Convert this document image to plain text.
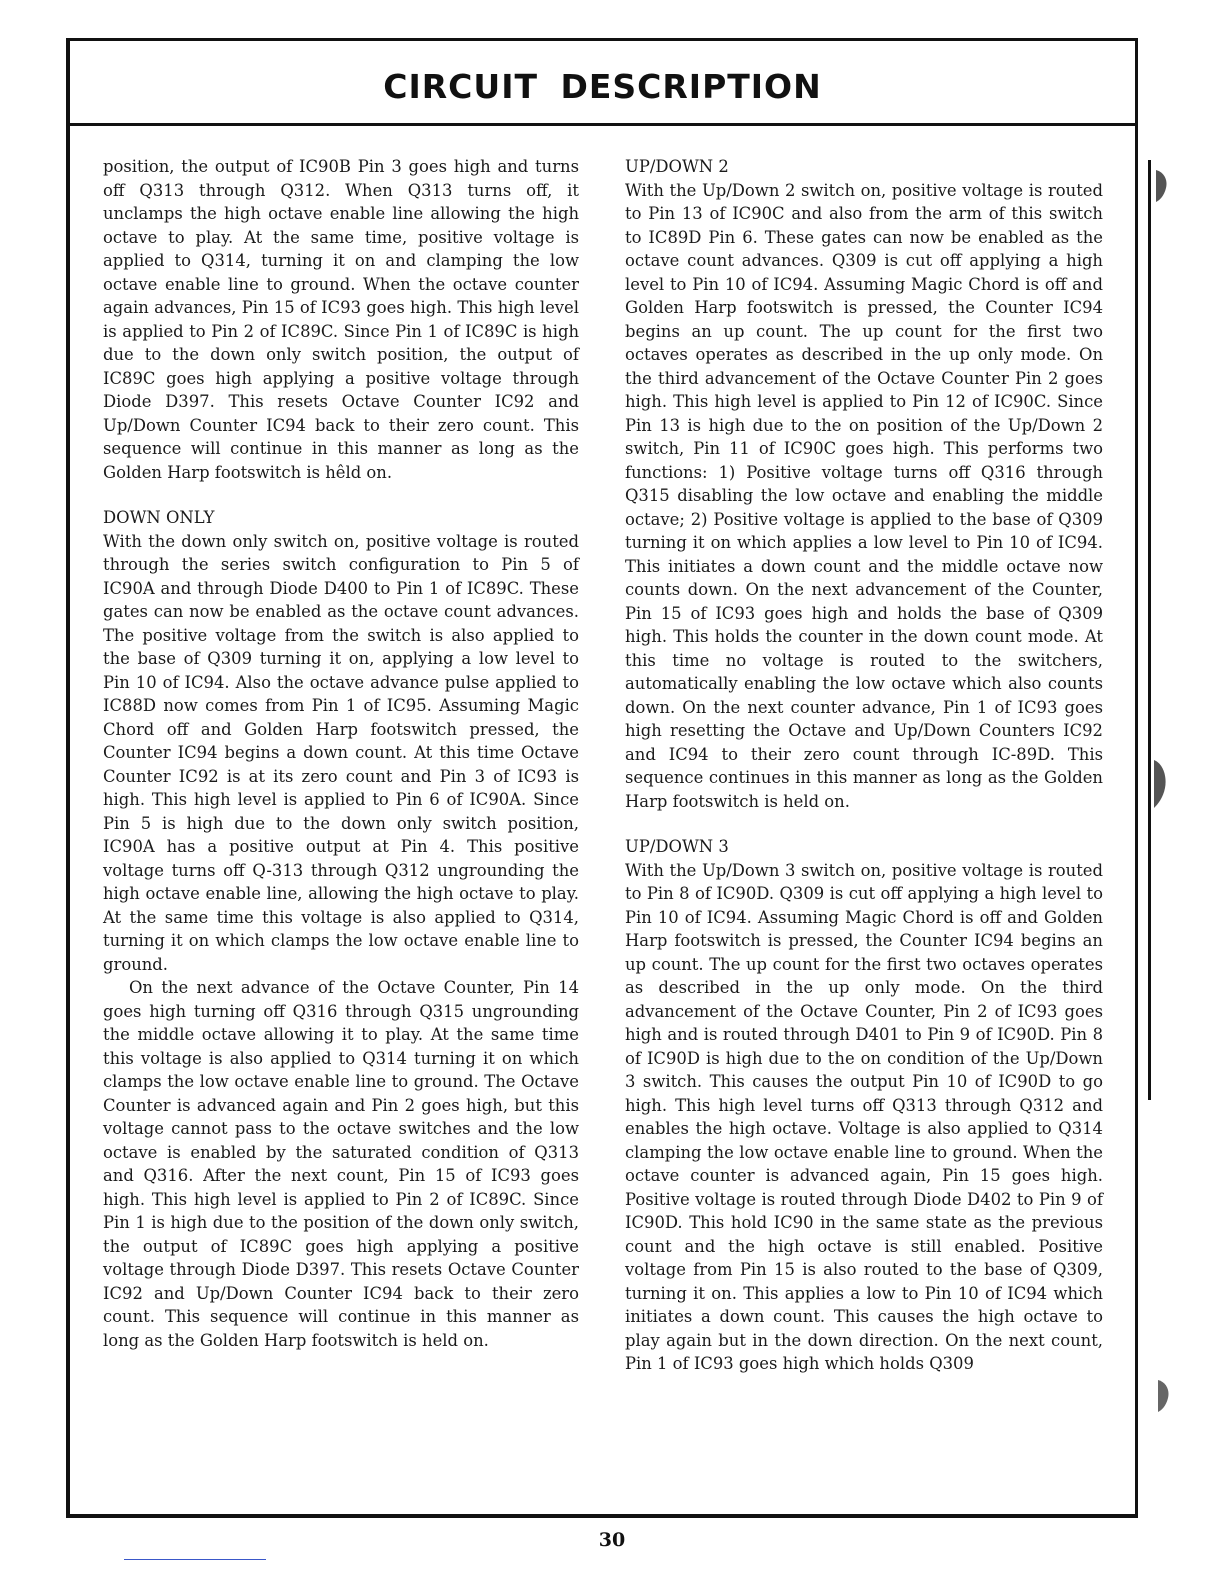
CIRCUIT DESCRIPTION

position, the output of IC90B Pin 3 goes high and turns off Q313 through Q312. When Q313 turns off, it unclamps the high octave enable line allowing the high octave to play. At the same time, positive voltage is applied to Q314, turning it on and clamping the low octave enable line to ground. When the octave counter again advances, Pin 15 of IC93 goes high. This high level is applied to Pin 2 of IC89C. Since Pin 1 of IC89C is high due to the down only switch position, the output of IC89C goes high applying a positive voltage through Diode D397. This resets Octave Counter IC92 and Up/Down Counter IC94 back to their zero count. This sequence will continue in this manner as long as the Golden Harp footswitch is hêld on.

DOWN ONLY

With the down only switch on, positive voltage is routed through the series switch configuration to Pin 5 of IC90A and through Diode D400 to Pin 1 of IC89C. These gates can now be enabled as the octave count advances. The positive voltage from the switch is also applied to the base of Q309 turning it on, applying a low level to Pin 10 of IC94. Also the octave advance pulse applied to IC88D now comes from Pin 1 of IC95. Assuming Magic Chord off and Golden Harp footswitch pressed, the Counter IC94 begins a down count. At this time Octave Counter IC92 is at its zero count and Pin 3 of IC93 is high. This high level is applied to Pin 6 of IC90A. Since Pin 5 is high due to the down only switch position, IC90A has a positive output at Pin 4. This positive voltage turns off Q-313 through Q312 ungrounding the high octave enable line, allowing the high octave to play. At the same time this voltage is also applied to Q314, turning it on which clamps the low octave enable line to ground.

On the next advance of the Octave Counter, Pin 14 goes high turning off Q316 through Q315 ungrounding the middle octave allowing it to play. At the same time this voltage is also applied to Q314 turning it on which clamps the low octave enable line to ground. The Octave Counter is advanced again and Pin 2 goes high, but this voltage cannot pass to the octave switches and the low octave is enabled by the saturated condition of Q313 and Q316. After the next count, Pin 15 of IC93 goes high. This high level is applied to Pin 2 of IC89C. Since Pin 1 is high due to the position of the down only switch, the output of IC89C goes high applying a positive voltage through Diode D397. This resets Octave Counter IC92 and Up/Down Counter IC94 back to their zero count. This sequence will continue in this manner as long as the Golden Harp footswitch is held on.

UP/DOWN 2

With the Up/Down 2 switch on, positive voltage is routed to Pin 13 of IC90C and also from the arm of this switch to IC89D Pin 6. These gates can now be enabled as the octave count advances. Q309 is cut off applying a high level to Pin 10 of IC94. Assuming Magic Chord is off and Golden Harp footswitch is pressed, the Counter IC94 begins an up count. The up count for the first two octaves operates as described in the up only mode. On the third advancement of the Octave Counter Pin 2 goes high. This high level is applied to Pin 12 of IC90C. Since Pin 13 is high due to the on position of the Up/Down 2 switch, Pin 11 of IC90C goes high. This performs two functions: 1) Positive voltage turns off Q316 through Q315 disabling the low octave and enabling the middle octave; 2) Positive voltage is applied to the base of Q309 turning it on which applies a low level to Pin 10 of IC94. This initiates a down count and the middle octave now counts down. On the next advancement of the Counter, Pin 15 of IC93 goes high and holds the base of Q309 high. This holds the counter in the down count mode. At this time no voltage is routed to the switchers, automatically enabling the low octave which also counts down. On the next counter advance, Pin 1 of IC93 goes high resetting the Octave and Up/Down Counters IC92 and IC94 to their zero count through IC-89D. This sequence continues in this manner as long as the Golden Harp footswitch is held on.

UP/DOWN 3

With the Up/Down 3 switch on, positive voltage is routed to Pin 8 of IC90D. Q309 is cut off applying a high level to Pin 10 of IC94. Assuming Magic Chord is off and Golden Harp footswitch is pressed, the Counter IC94 begins an up count. The up count for the first two octaves operates as described in the up only mode. On the third advancement of the Octave Counter, Pin 2 of IC93 goes high and is routed through D401 to Pin 9 of IC90D. Pin 8 of IC90D is high due to the on condition of the Up/Down 3 switch. This causes the output Pin 10 of IC90D to go high. This high level turns off Q313 through Q312 and enables the high octave. Voltage is also applied to Q314 clamping the low octave enable line to ground. When the octave counter is advanced again, Pin 15 goes high. Positive voltage is routed through Diode D402 to Pin 9 of IC90D. This hold IC90 in the same state as the previous count and the high octave is still enabled. Positive voltage from Pin 15 is also routed to the base of Q309, turning it on. This applies a low to Pin 10 of IC94 which initiates a down count. This causes the high octave to play again but in the down direction. On the next count, Pin 1 of IC93 goes high which holds Q309

30
